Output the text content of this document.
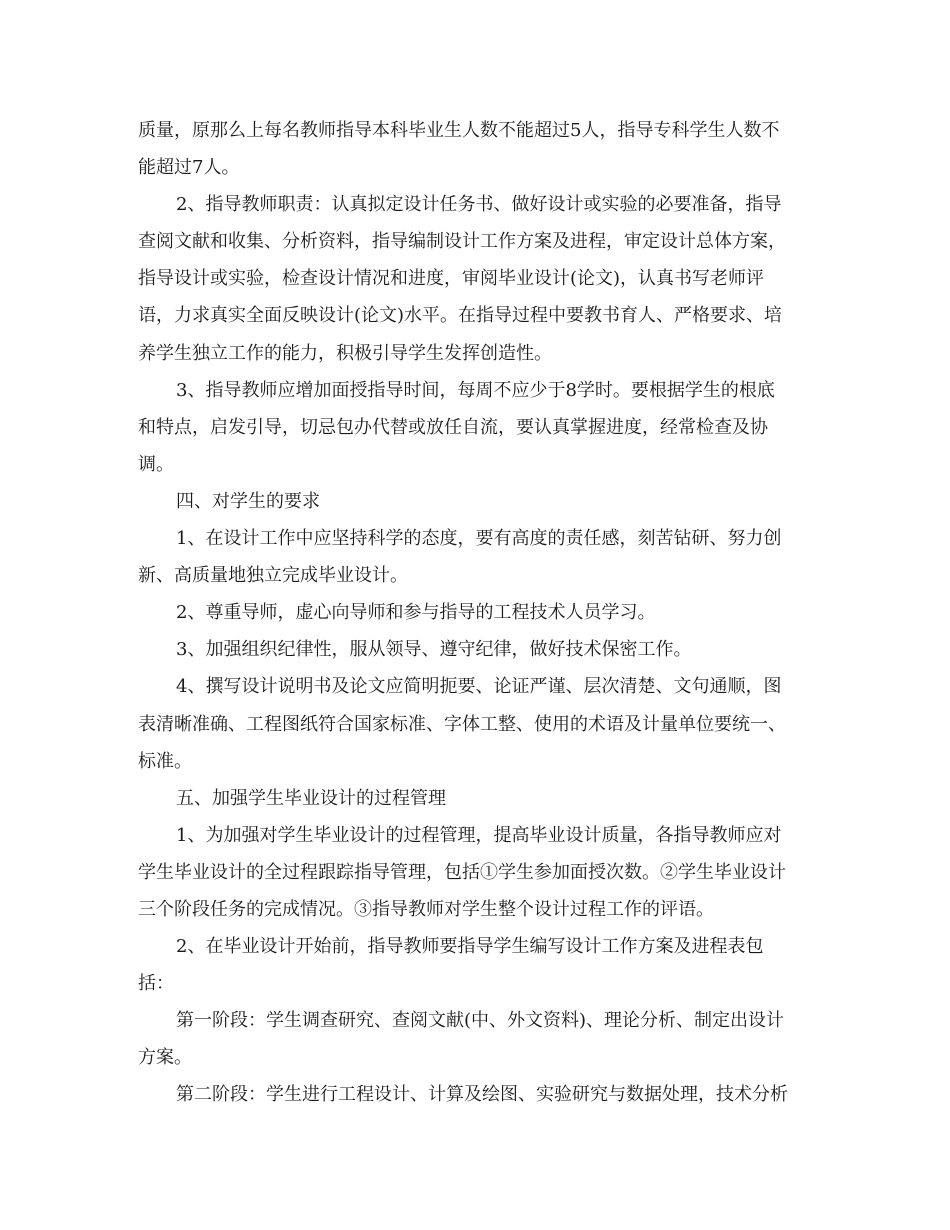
质量，原那么上每名教师指导本科毕业生人数不能超过5人，指导专科学生人数不
能超过7人。
2、指导教师职责：认真拟定设计任务书、做好设计或实验的必要准备，指导
查阅文献和收集、分析资料，指导编制设计工作方案及进程，审定设计总体方案，
指导设计或实验，检查设计情况和进度，审阅毕业设计(论文)，认真书写老师评
语，力求真实全面反映设计(论文)水平。在指导过程中要教书育人、严格要求、培
养学生独立工作的能力，积极引导学生发挥创造性。
3、指导教师应增加面授指导时间，每周不应少于8学时。要根据学生的根底
和特点，启发引导，切忌包办代替或放任自流，要认真掌握进度，经常检查及协
调。
四、对学生的要求
1、在设计工作中应坚持科学的态度，要有高度的责任感，刻苦钻研、努力创
新、高质量地独立完成毕业设计。
2、尊重导师，虚心向导师和参与指导的工程技术人员学习。
3、加强组织纪律性，服从领导、遵守纪律，做好技术保密工作。
4、撰写设计说明书及论文应简明扼要、论证严谨、层次清楚、文句通顺，图
表清晰准确、工程图纸符合国家标准、字体工整、使用的术语及计量单位要统一、
标准。
五、加强学生毕业设计的过程管理
1、为加强对学生毕业设计的过程管理，提高毕业设计质量，各指导教师应对
学生毕业设计的全过程跟踪指导管理，包括①学生参加面授次数。②学生毕业设计
三个阶段任务的完成情况。③指导教师对学生整个设计过程工作的评语。
2、在毕业设计开始前，指导教师要指导学生编写设计工作方案及进程表包
括：
第一阶段：学生调查研究、查阅文献(中、外文资料)、理论分析、制定出设计
方案。
第二阶段：学生进行工程设计、计算及绘图、实验研究与数据处理，技术分析
